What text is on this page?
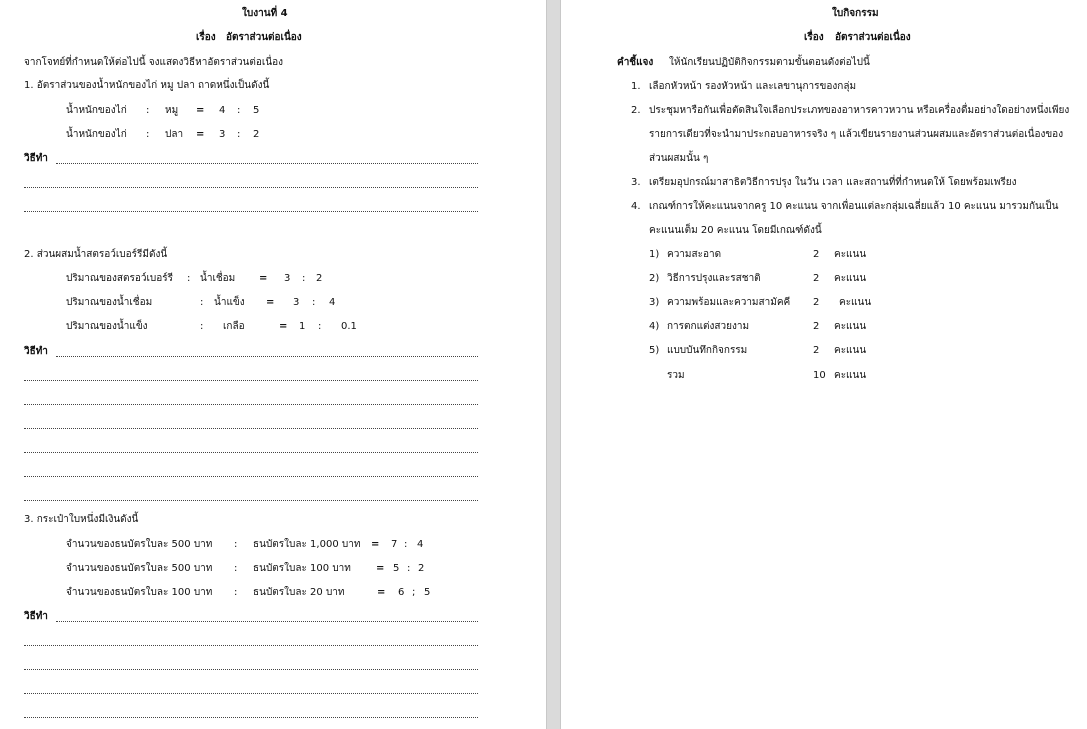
ใบงานที่ 4
เรื่อง อัตราส่วนต่อเนื่อง
จากโจทย์ที่กำหนดให้ต่อไปนี้ จงแสดงวิธีหาอัตราส่วนต่อเนื่อง
1. อัตราส่วนของน้ำหนักของไก่ หมู ปลา ถาดหนึ่งเป็นดังนี้
น้ำหนักของไก่ : หมู = 4 : 5
น้ำหนักของไก่ : ปลา = 3 : 2
วิธีทำ
2. ส่วนผสมน้ำสตรอว์เบอร์รีมีดังนี้
ปริมาณของสตรอว์เบอร์รี : น้ำเชื่อม = 3 : 2
ปริมาณของน้ำเชื่อม	: น้ำแข็ง = 3 : 4
ปริมาณของน้ำแข็ง	: เกลือ	= 1 : 0.1
วิธีทำ
3. กระเป๋าใบหนึ่งมีเงินดังนี้
จำนวนของธนบัตรใบละ 500 บาท : ธนบัตรใบละ 1,000 บาท = 7 : 4
จำนวนของธนบัตรใบละ 500 บาท : ธนบัตรใบละ 100 บาท	= 5 : 2
จำนวนของธนบัตรใบละ 100 บาท : ธนบัตรใบละ 20 บาท	= 6 ; 5
วิธีทำ
ใบกิจกรรม
เรื่อง อัตราส่วนต่อเนื่อง
คำชี้แจง ให้นักเรียนปฏิบัติกิจกรรมตามขั้นตอนดังต่อไปนี้
1. เลือกหัวหน้า รองหัวหน้า และเลขานุการของกลุ่ม
2. ประชุมหารือกันเพื่อตัดสินใจเลือกประเภทของอาหารคาวหวาน หรือเครื่องดื่มอย่างใดอย่างหนึ่งเพียง
รายการเดียวที่จะนำมาประกอบอาหารจริง ๆ แล้วเขียนรายงานส่วนผสมและอัตราส่วนต่อเนื่องของ
ส่วนผสมนั้น ๆ
3. เตรียมอุปกรณ์มาสาธิตวิธีการปรุง ในวัน เวลา และสถานที่ที่กำหนดให้ โดยพร้อมเพรียง
4. เกณฑ์การให้คะแนนจากครู 10 คะแนน จากเพื่อนแต่ละกลุ่มเฉลี่ยแล้ว 10 คะแนน มารวมกันเป็น
คะแนนเต็ม 20 คะแนน โดยมีเกณฑ์ดังนี้
1) ความสะอาด	2 คะแนน
2) วิธีการปรุงและรสชาติ	2 คะแนน
3) ความพร้อมและความสามัคคี 2 คะแนน
4) การตกแต่งสวยงาม	2 คะแนน
5) แบบบันทึกกิจกรรม	2 คะแนน
รวม	10 คะแนน
